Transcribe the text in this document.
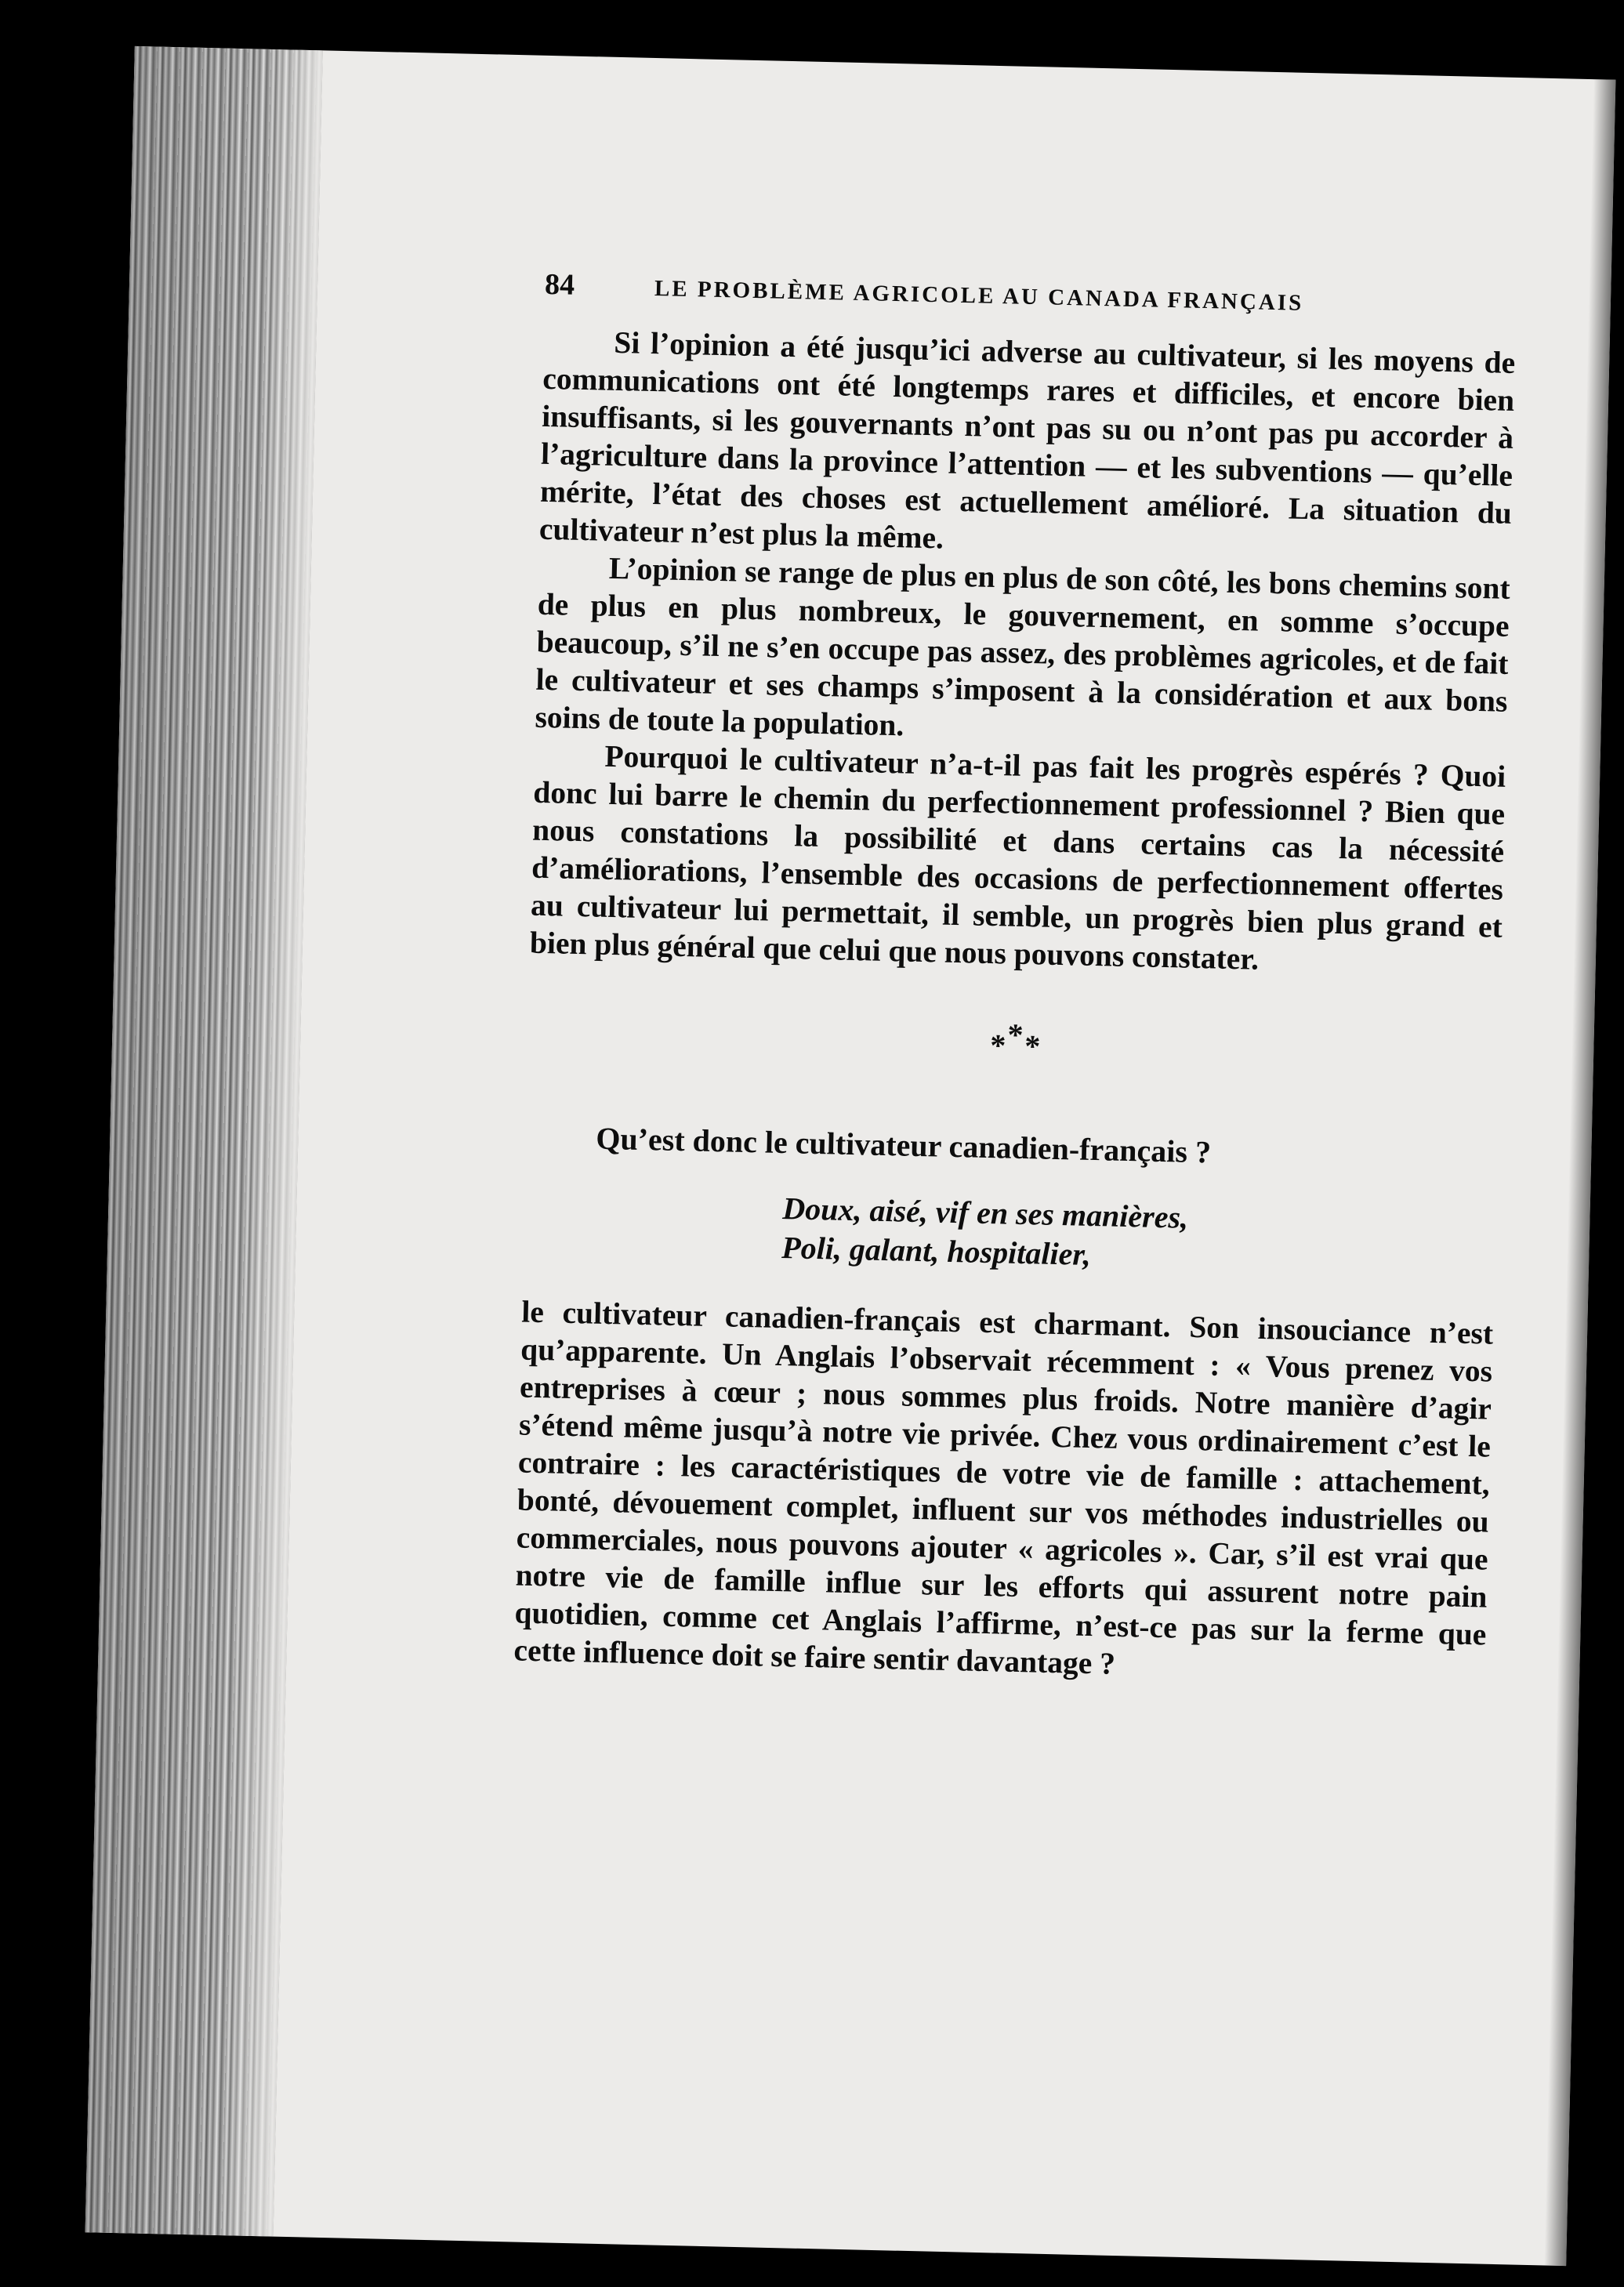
84	LE PROBLÈME AGRICOLE AU CANADA FRANÇAIS

Si l’opinion a été jusqu’ici adverse au cultivateur, si les moyens de communications ont été longtemps rares et difficiles, et encore bien insuffisants, si les gouvernants n’ont pas su ou n’ont pas pu accorder à l’agriculture dans la province l’attention — et les subventions — qu’elle mérite, l’état des choses est actuellement amélioré. La situation du cultivateur n’est plus la même.

L’opinion se range de plus en plus de son côté, les bons chemins sont de plus en plus nombreux, le gouvernement, en somme s’occupe beaucoup, s’il ne s’en occupe pas assez, des problèmes agricoles, et de fait le cultivateur et ses champs s’imposent à la considération et aux bons soins de toute la population.

Pourquoi le cultivateur n’a-t-il pas fait les progrès espérés ? Quoi donc lui barre le chemin du perfectionnement professionnel ? Bien que nous constations la possibilité et dans certains cas la nécessité d’améliorations, l’ensemble des occasions de perfectionnement offertes au cultivateur lui permettait, il semble, un progrès bien plus grand et bien plus général que celui que nous pouvons constater.

*
* *
Qu’est donc le cultivateur canadien-français ?
Doux, aisé, vif en ses manières,
Poli, galant, hospitalier,

le cultivateur canadien-français est charmant. Son insouciance n’est qu’apparente. Un Anglais l’observait récemment : « Vous prenez vos entreprises à cœur ; nous sommes plus froids. Notre manière d’agir s’étend même jusqu’à notre vie privée. Chez vous ordinairement c’est le contraire : les caractéristiques de votre vie de famille : attachement, bonté, dévouement complet, influent sur vos méthodes industrielles ou commerciales, nous pouvons ajouter « agricoles ». Car, s’il est vrai que notre vie de famille influe sur les efforts qui assurent notre pain quotidien, comme cet Anglais l’affirme, n’est-ce pas sur la ferme que cette influence doit se faire sentir davantage ?
